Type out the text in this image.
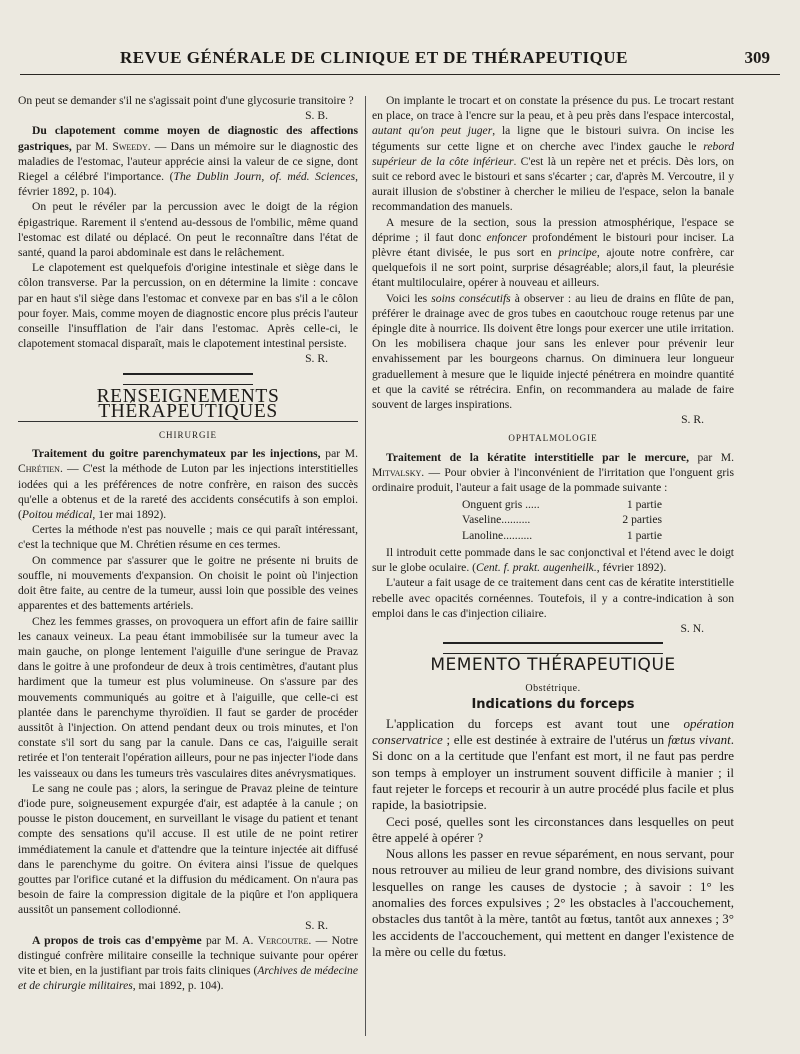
REVUE GÉNÉRALE DE CLINIQUE ET DE THÉRAPEUTIQUE	309

On peut se demander s'il ne s'agissait point d'une glycosurie transitoire ?

S. B.

Du clapotement comme moyen de diagnostic des affections gastriques, par M. Sweedy. — Dans un mémoire sur le diagnostic des maladies de l'estomac, l'auteur apprécie ainsi la valeur de ce signe, dont Riegel a célébré l'importance. (The Dublin Journ, of. méd. Sciences, février 1892, p. 104).

On peut le révéler par la percussion avec le doigt de la région épigastrique. Rarement il s'entend au-dessous de l'ombilic, même quand l'estomac est dilaté ou déplacé. On peut le reconnaître dans l'état de santé, quand la paroi abdominale est dans le relâchement.

Le clapotement est quelquefois d'origine intestinale et siège dans le côlon transverse. Par la percussion, on en détermine la limite : concave par en haut s'il siège dans l'estomac et convexe par en bas s'il a le côlon pour foyer. Mais, comme moyen de diagnostic encore plus précis l'auteur conseille l'insufflation de l'air dans l'estomac. Après celle-ci, le clapotement stomacal disparaît, mais le clapotement intestinal persiste.

S. R.

RENSEIGNEMENTS THÉRAPEUTIQUES
CHIRURGIE

Traitement du goitre parenchymateux par les injections, par M. Chrétien. — C'est la méthode de Luton par les injections interstitielles iodées qui a les préférences de notre confrère, en raison des succès qu'elle a obtenus et de la rareté des accidents consécutifs à son emploi. (Poitou médical, 1er mai 1892).

Certes la méthode n'est pas nouvelle ; mais ce qui paraît intéressant, c'est la technique que M. Chrétien résume en ces termes.

On commence par s'assurer que le goitre ne présente ni bruits de souffle, ni mouvements d'expansion. On choisit le point où l'injection doit être faite, au centre de la tumeur, aussi loin que possible des veines apparentes et des battements artériels.

Chez les femmes grasses, on provoquera un effort afin de faire saillir les canaux veineux. La peau étant immobilisée sur la tumeur avec la main gauche, on plonge lentement l'aiguille d'une seringue de Pravaz dans le goitre à une profondeur de deux à trois centimètres, d'autant plus hardiment que la tumeur est plus volumineuse. On s'assure par des mouvements communiqués au goitre et à l'aiguille, que celle-ci est plantée dans le parenchyme thyroïdien. Il faut se garder de procéder aussitôt à l'injection. On attend pendant deux ou trois minutes, et l'on constate s'il sort du sang par la canule. Dans ce cas, l'aiguille serait retirée et l'on tenterait l'opération ailleurs, pour ne pas injecter l'iode dans les vaisseaux ou dans les tumeurs très vasculaires dites anévrysmatiques.

Le sang ne coule pas ; alors, la seringue de Pravaz pleine de teinture d'iode pure, soigneusement expurgée d'air, est adaptée à la canule ; on pousse le piston doucement, en surveillant le visage du patient et tenant compte des sensations qu'il accuse. Il est utile de ne point retirer immédiatement la canule et d'attendre que la teinture injectée ait diffusé dans le parenchyme du goitre. On évitera ainsi l'issue de quelques gouttes par l'orifice cutané et la diffusion du médicament. On n'aura pas besoin de faire la compression digitale de la piqûre et l'on appliquera aussitôt un pansement collodionné.

S. R.

A propos de trois cas d'empyème par M. A. Vercoutre. — Notre distingué confrère militaire conseille la technique suivante pour opérer vite et bien, en la justifiant par trois faits cliniques (Archives de médecine et de chirurgie militaires, mai 1892, p. 104).

On implante le trocart et on constate la présence du pus. Le trocart restant en place, on trace à l'encre sur la peau, et à peu près dans l'espace intercostal, autant qu'on peut juger, la ligne que le bistouri suivra. On incise les téguments sur cette ligne et on cherche avec l'index gauche le rebord supérieur de la côte inférieur. C'est là un repère net et précis. Dès lors, on suit ce rebord avec le bistouri et sans s'écarter ; car, d'après M. Vercoutre, il y aurait illusion de s'obstiner à chercher le milieu de l'espace, selon la banale recommandation des manuels.

A mesure de la section, sous la pression atmosphérique, l'espace se déprime ; il faut donc enfoncer profondément le bistouri pour inciser. La plèvre étant divisée, le pus sort en principe, ajoute notre confrère, car quelquefois il ne sort point, surprise désagréable; alors,il faut, la pleurésie étant multiloculaire, opérer à nouveau et ailleurs.

Voici les soins consécutifs à observer : au lieu de drains en flûte de pan, préférer le drainage avec de gros tubes en caoutchouc rouge retenus par une épingle dite à nourrice. Ils doivent être longs pour exercer une utile irritation. On les mobilisera chaque jour sans les enlever pour prévenir leur envahissement par les bourgeons charnus. On diminuera leur longueur graduellement à mesure que le liquide injecté pénétrera en moindre quantité et que la cavité se rétrécira. Enfin, on recommandera au malade de faire souvent de larges inspirations.

S. R.

OPHTALMOLOGIE

Traitement de la kératite interstitielle par le mercure, par M. Mitvalsky. — Pour obvier à l'inconvénient de l'irritation que l'onguent gris ordinaire produit, l'auteur a fait usage de la pommade suivante :

Onguent gris .....	1 partie
Vaseline..........	2 parties
Lanoline..........	1 partie

Il introduit cette pommade dans le sac conjonctival et l'étend avec le doigt sur le globe oculaire. (Cent. f. prakt. augenheilk., février 1892).

L'auteur a fait usage de ce traitement dans cent cas de kératite interstitielle rebelle avec opacités cornéennes. Toutefois, il y a contre-indication à son emploi dans le cas d'injection ciliaire.

S. N.

MEMENTO THÉRAPEUTIQUE
Obstétrique.
Indications du forceps

L'application du forceps est avant tout une opération conservatrice ; elle est destinée à extraire de l'utérus un fœtus vivant. Si donc on a la certitude que l'enfant est mort, il ne faut pas perdre son temps à employer un instrument souvent difficile à manier ; il faut rejeter le forceps et recourir à un autre procédé plus facile et plus rapide, la basiotripsie.

Ceci posé, quelles sont les circonstances dans lesquelles on peut être appelé à opérer ?

Nous allons les passer en revue séparément, en nous servant, pour nous retrouver au milieu de leur grand nombre, des divisions suivant lesquelles on range les causes de dystocie ; à savoir : 1° les anomalies des forces expulsives ; 2° les obstacles à l'accouchement, obstacles dus tantôt à la mère, tantôt au fœtus, tantôt aux annexes ; 3° les accidents de l'accouchement, qui mettent en danger l'existence de la mère ou celle du fœtus.
